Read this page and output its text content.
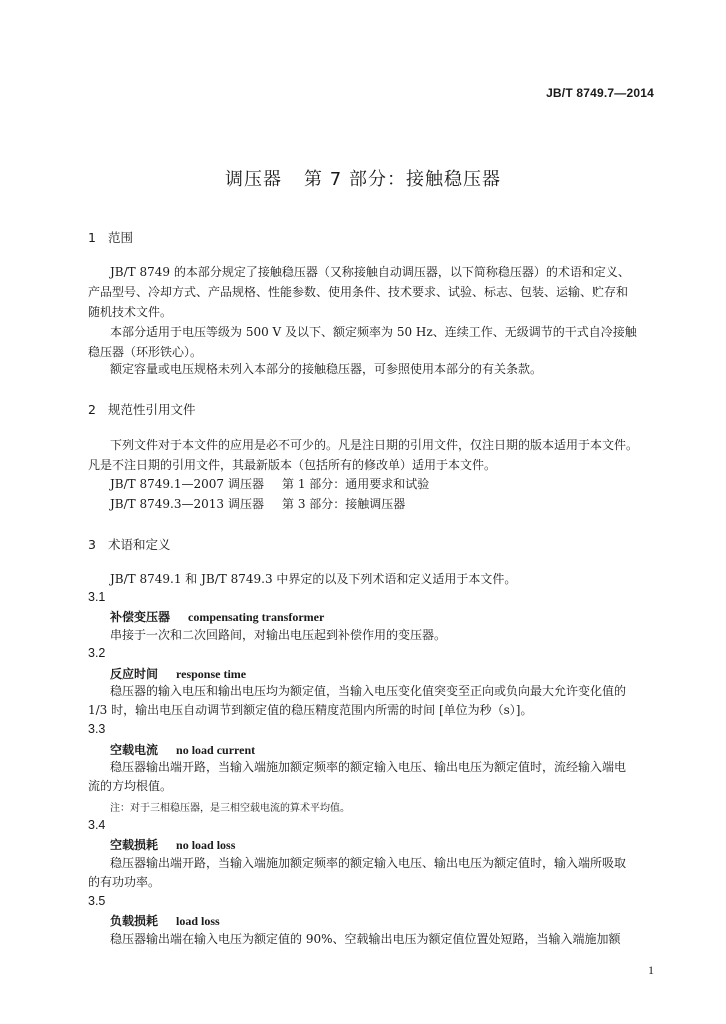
JB/T 8749.7—2014
调压器 第 7 部分：接触稳压器
1 范围
JB/T 8749 的本部分规定了接触稳压器（又称接触自动调压器，以下简称稳压器）的术语和定义、
产品型号、冷却方式、产品规格、性能参数、使用条件、技术要求、试验、标志、包装、运输、贮存和
随机技术文件。
本部分适用于电压等级为 500 V 及以下、额定频率为 50 Hz、连续工作、无级调节的干式自冷接触
稳压器（环形铁心）。
额定容量或电压规格未列入本部分的接触稳压器，可参照使用本部分的有关条款。
2 规范性引用文件
下列文件对于本文件的应用是必不可少的。凡是注日期的引用文件，仅注日期的版本适用于本文件。
凡是不注日期的引用文件，其最新版本（包括所有的修改单）适用于本文件。
JB/T 8749.1—2007 调压器 第 1 部分：通用要求和试验
JB/T 8749.3—2013 调压器 第 3 部分：接触调压器
3 术语和定义
JB/T 8749.1 和 JB/T 8749.3 中界定的以及下列术语和定义适用于本文件。
3.1
补偿变压器 compensating transformer
串接于一次和二次回路间，对输出电压起到补偿作用的变压器。
3.2
反应时间 response time
稳压器的输入电压和输出电压均为额定值，当输入电压变化值突变至正向或负向最大允许变化值的
1/3 时，输出电压自动调节到额定值的稳压精度范围内所需的时间 [单位为秒（s）]。
3.3
空载电流 no load current
稳压器输出端开路，当输入端施加额定频率的额定输入电压、输出电压为额定值时，流经输入端电
流的方均根值。
注：对于三相稳压器，是三相空载电流的算术平均值。
3.4
空载损耗 no load loss
稳压器输出端开路，当输入端施加额定频率的额定输入电压、输出电压为额定值时，输入端所吸取
的有功功率。
3.5
负载损耗 load loss
稳压器输出端在输入电压为额定值的 90%、空载输出电压为额定值位置处短路，当输入端施加额
1
